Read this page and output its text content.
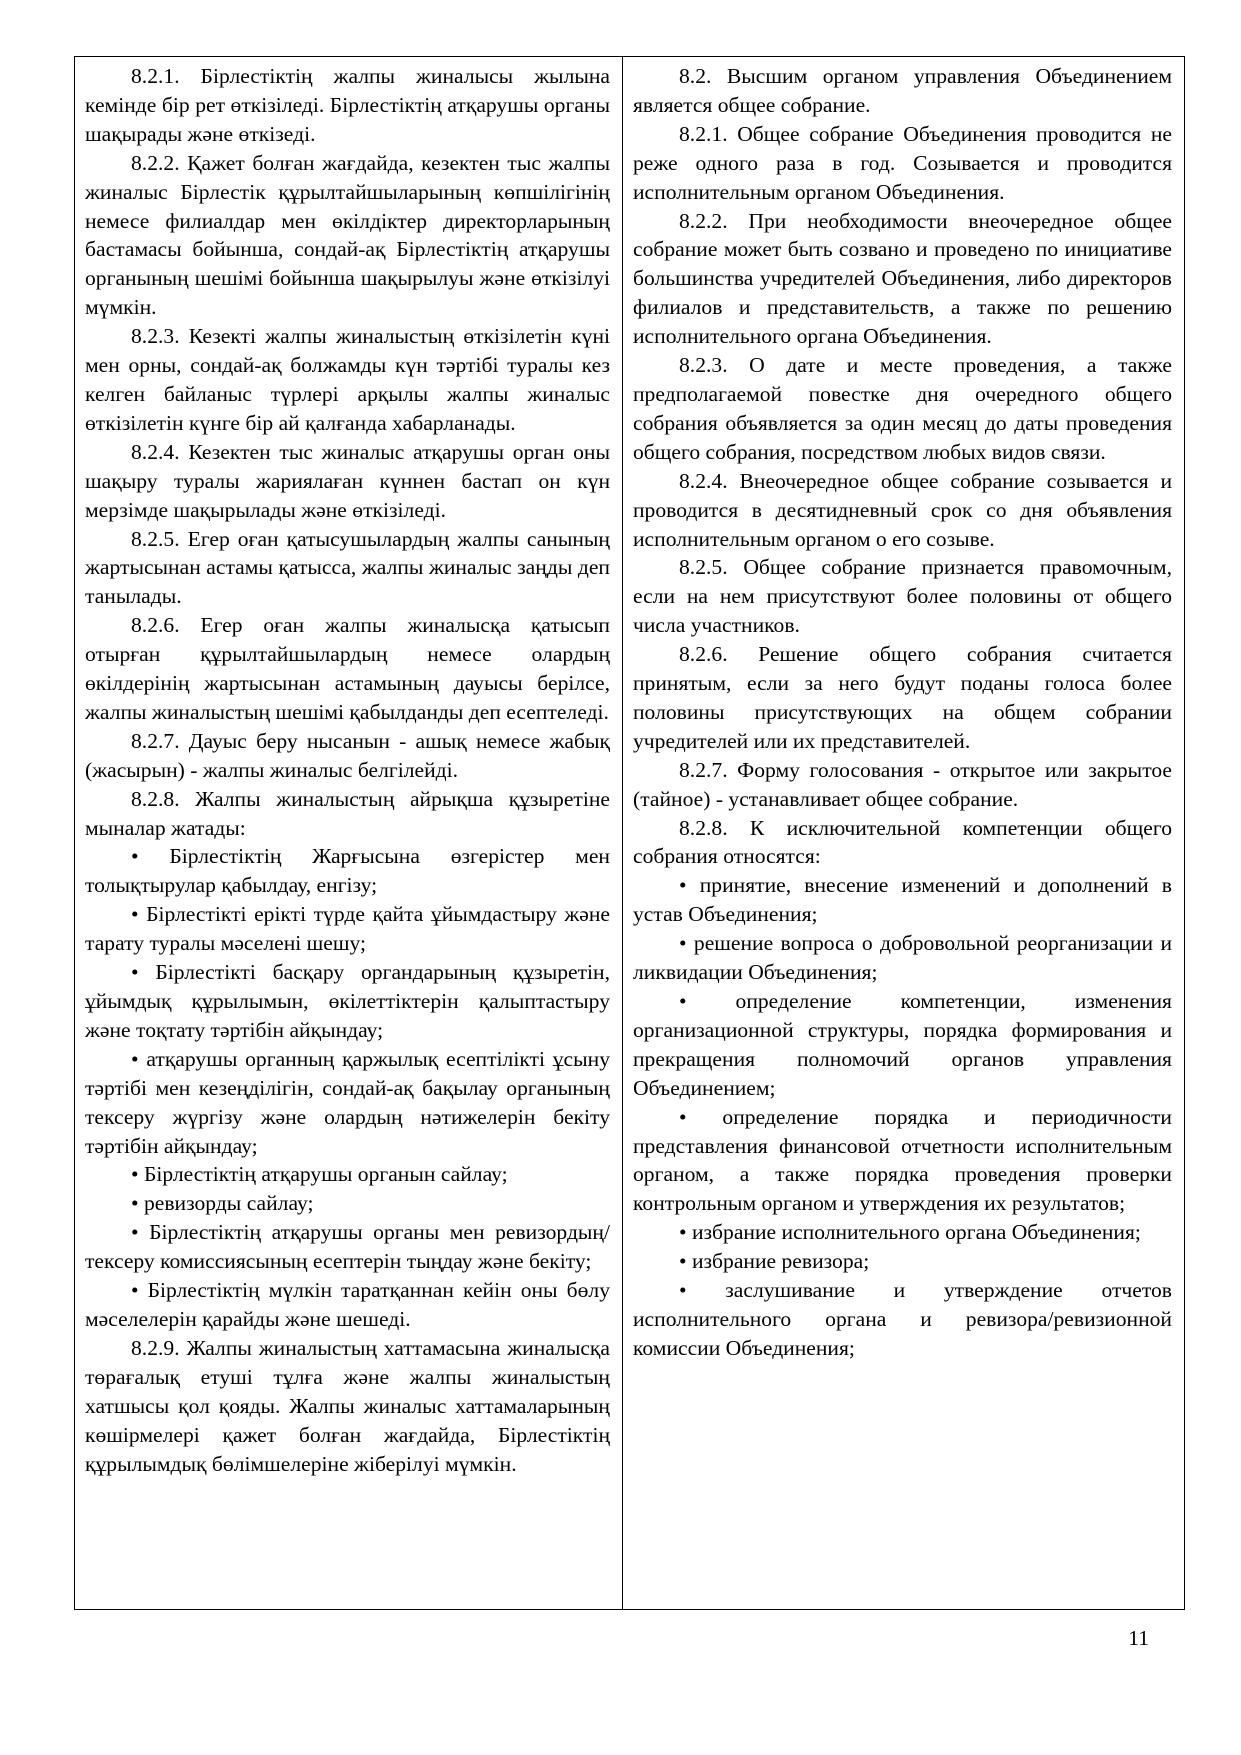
8.2.1. Бірлестіктің жалпы жиналысы жылына кемінде бір рет өткізіледі. Бірлестіктің атқарушы органы шақырады және өткізеді.

8.2.2. Қажет болған жағдайда, кезектен тыс жалпы жиналыс Бірлестік құрылтайшыларының көпшілігінің немесе филиалдар мен өкілдіктер директорларының бастамасы бойынша, сондай-ақ Бірлестіктің атқарушы органының шешімі бойынша шақырылуы және өткізілуі мүмкін.

8.2.3. Кезекті жалпы жиналыстың өткізілетін күні мен орны, сондай-ақ болжамды күн тәртібі туралы кез келген байланыс түрлері арқылы жалпы жиналыс өткізілетін күнге бір ай қалғанда хабарланады.

8.2.4. Кезектен тыс жиналыс атқарушы орган оны шақыру туралы жариялаған күннен бастап он күн мерзімде шақырылады және өткізіледі.

8.2.5. Егер оған қатысушылардың жалпы санының жартысынан астамы қатысса, жалпы жиналыс заңды деп танылады.

8.2.6. Егер оған жалпы жиналысқа қатысып отырған құрылтайшылардың немесе олардың өкілдерінің жартысынан астамының дауысы берілсе, жалпы жиналыстың шешімі қабылданды деп есептеледі.

8.2.7. Дауыс беру нысанын - ашық немесе жабық (жасырын) - жалпы жиналыс белгілейді.

8.2.8. Жалпы жиналыстың айрықша құзыретіне мыналар жатады:

• Бірлестіктің Жарғысына өзгерістер мен толықтырулар қабылдау, енгізу;

• Бірлестікті ерікті түрде қайта ұйымдастыру және тарату туралы мәселені шешу;

• Бірлестікті басқару органдарының құзыретін, ұйымдық құрылымын, өкілеттіктерін қалыптастыру және тоқтату тәртібін айқындау;

• атқарушы органның қаржылық есептілікті ұсыну тәртібі мен кезеңділігін, сондай-ақ бақылау органының тексеру жүргізу және олардың нәтижелерін бекіту тәртібін айқындау;

• Бірлестіктің атқарушы органын сайлау;

• ревизорды сайлау;

• Бірлестіктің атқарушы органы мен ревизордың/тексеру комиссиясының есептерін тыңдау және бекіту;

• Бірлестіктің мүлкін таратқаннан кейін оны бөлу мәселелерін қарайды және шешеді.

8.2.9. Жалпы жиналыстың хаттамасына жиналысқа төрағалық етуші тұлға және жалпы жиналыстың хатшысы қол қояды. Жалпы жиналыс хаттамаларының көшірмелері қажет болған жағдайда, Бірлестіктің құрылымдық бөлімшелеріне жіберілуі мүмкін.

8.2. Высшим органом управления Объединением является общее собрание.

8.2.1. Общее собрание Объединения проводится не реже одного раза в год. Созывается и проводится исполнительным органом Объединения.

8.2.2. При необходимости внеочередное общее собрание может быть созвано и проведено по инициативе большинства учредителей Объединения, либо директоров филиалов и представительств, а также по решению исполнительного органа Объединения.

8.2.3. О дате и месте проведения, а также предполагаемой повестке дня очередного общего собрания объявляется за один месяц до даты проведения общего собрания, посредством любых видов связи.

8.2.4. Внеочередное общее собрание созывается и проводится в десятидневный срок со дня объявления исполнительным органом о его созыве.

8.2.5. Общее собрание признается правомочным, если на нем присутствуют более половины от общего числа участников.

8.2.6. Решение общего собрания считается принятым, если за него будут поданы голоса более половины присутствующих на общем собрании учредителей или их представителей.

8.2.7. Форму голосования - открытое или закрытое (тайное) - устанавливает общее собрание.

8.2.8. К исключительной компетенции общего собрания относятся:

• принятие, внесение изменений и дополнений в устав Объединения;

• решение вопроса о добровольной реорганизации и ликвидации Объединения;

• определение компетенции, изменения организационной структуры, порядка формирования и прекращения полномочий органов управления Объединением;

• определение порядка и периодичности представления финансовой отчетности исполнительным органом, а также порядка проведения проверки контрольным органом и утверждения их результатов;

• избрание исполнительного органа Объединения;

• избрание ревизора;

• заслушивание и утверждение отчетов исполнительного органа и ревизора/ревизионной комиссии Объединения;

11
